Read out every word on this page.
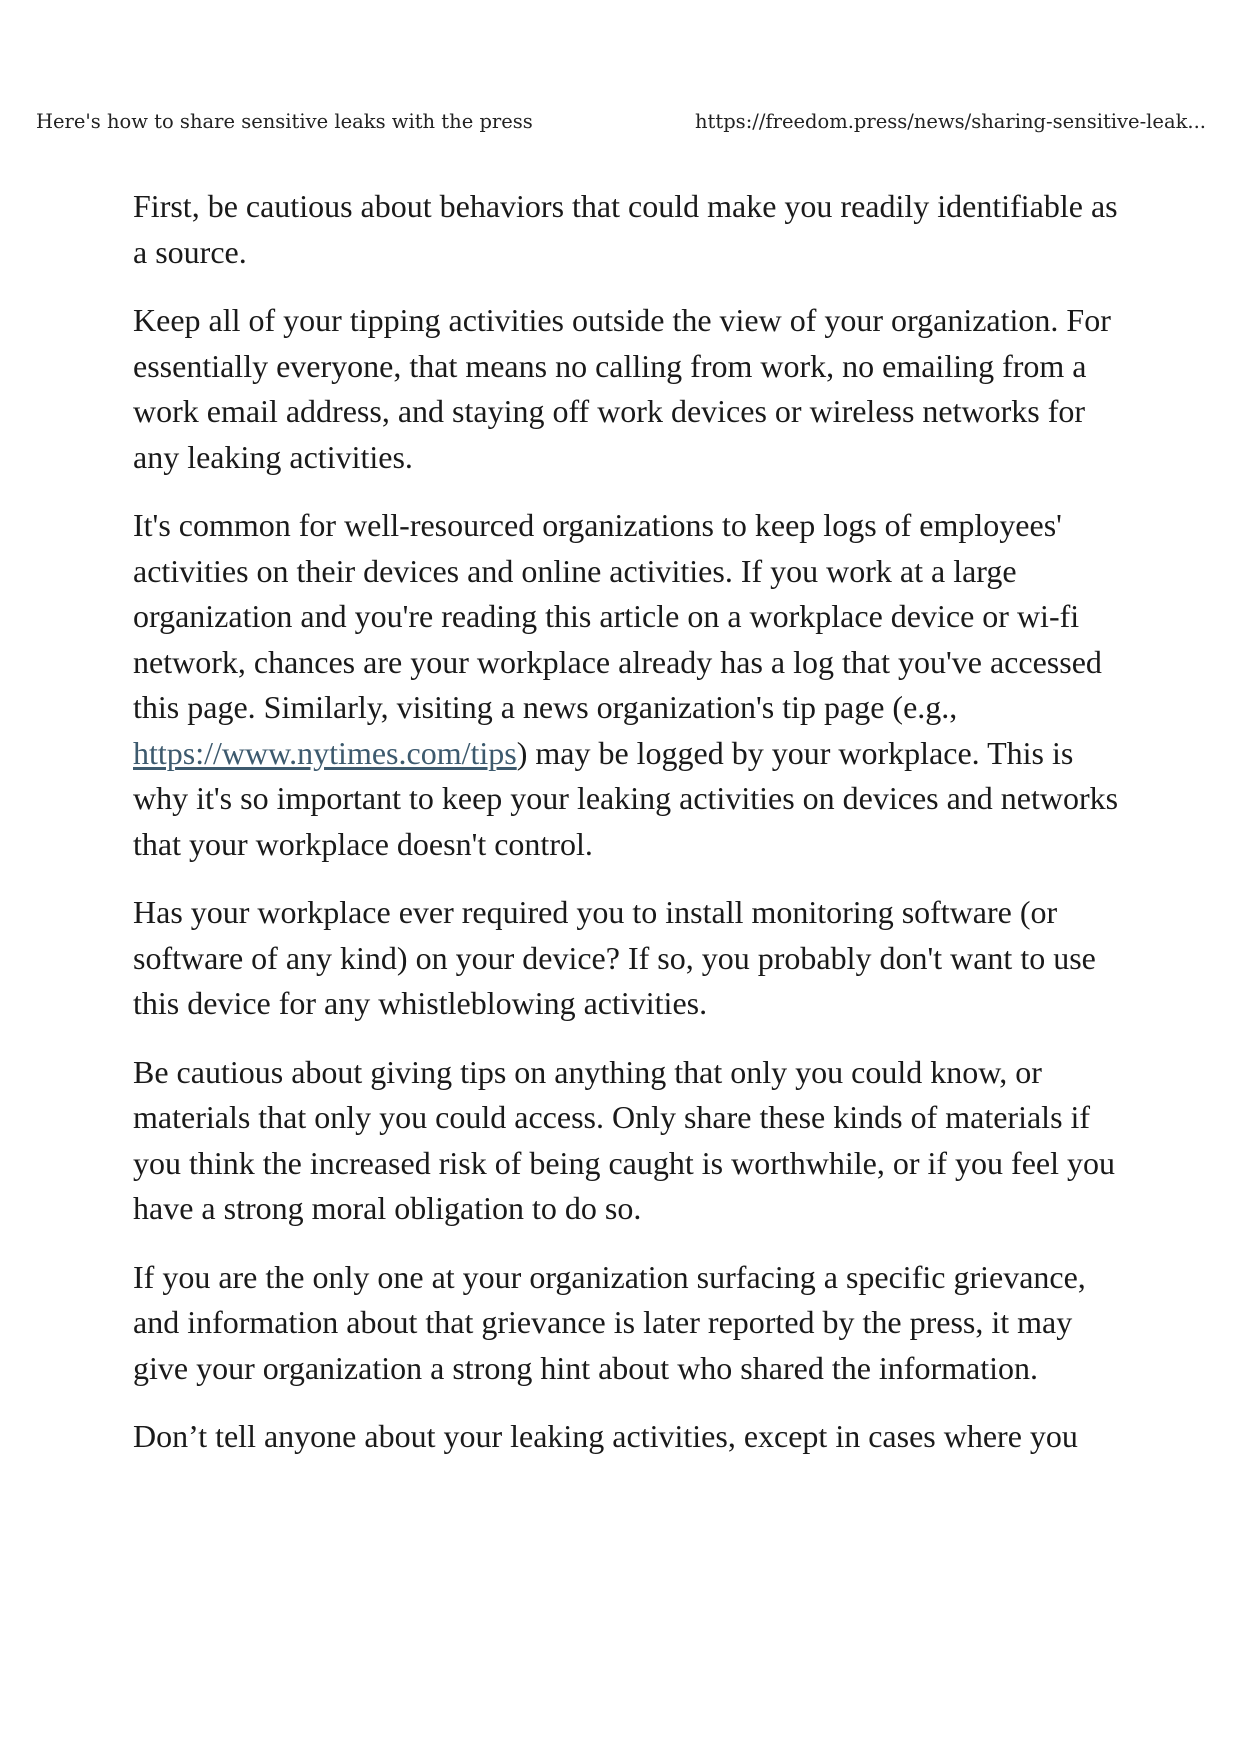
Here's how to share sensitive leaks with the press	https://freedom.press/news/sharing-sensitive-leak...

First, be cautious about behaviors that could make you readily identifiable as a source.

Keep all of your tipping activities outside the view of your organization. For essentially everyone, that means no calling from work, no emailing from a work email address, and staying off work devices or wireless networks for any leaking activities.

It's common for well-resourced organizations to keep logs of employees' activities on their devices and online activities. If you work at a large organization and you're reading this article on a workplace device or wi-fi network, chances are your workplace already has a log that you've accessed this page. Similarly, visiting a news organization's tip page (e.g., https://www.nytimes.com/tips) may be logged by your workplace. This is why it's so important to keep your leaking activities on devices and networks that your workplace doesn't control.

Has your workplace ever required you to install monitoring software (or software of any kind) on your device? If so, you probably don't want to use this device for any whistleblowing activities.

Be cautious about giving tips on anything that only you could know, or materials that only you could access. Only share these kinds of materials if you think the increased risk of being caught is worthwhile, or if you feel you have a strong moral obligation to do so.

If you are the only one at your organization surfacing a specific grievance, and information about that grievance is later reported by the press, it may give your organization a strong hint about who shared the information.

Don’t tell anyone about your leaking activities, except in cases where you
